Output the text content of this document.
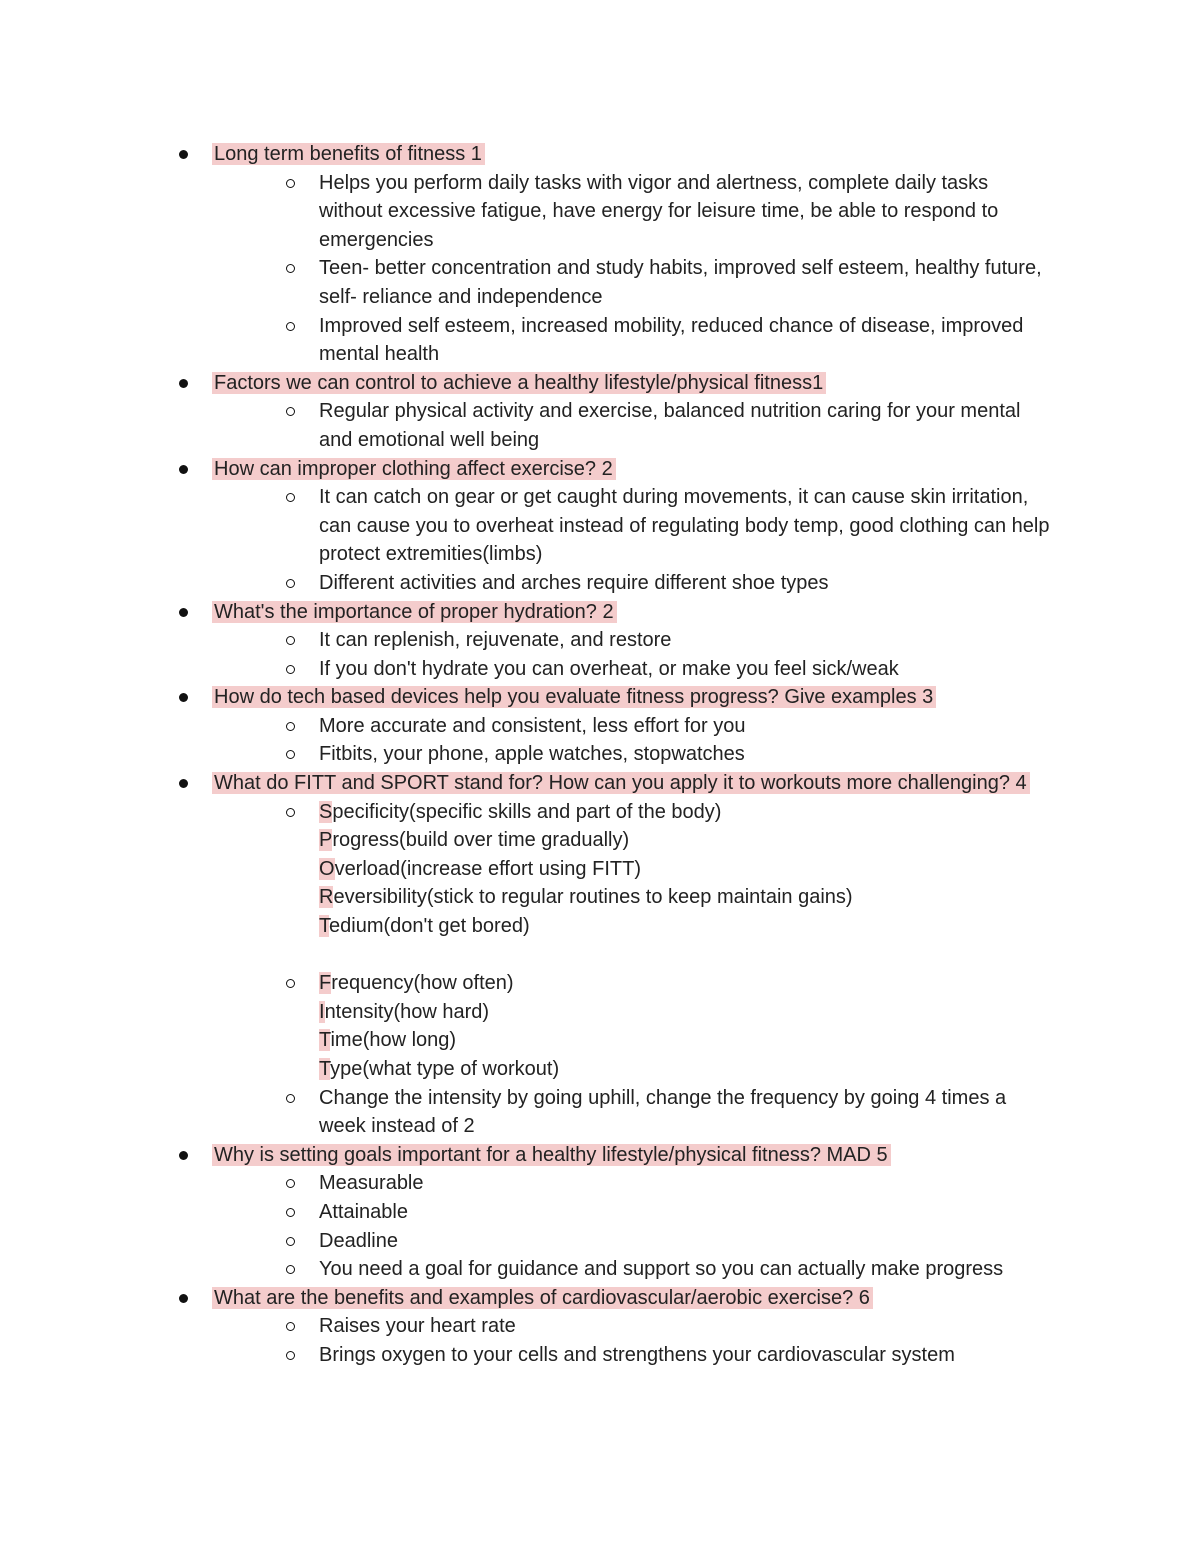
Long term benefits of fitness 1
Helps you perform daily tasks with vigor and alertness, complete daily tasks without excessive fatigue, have energy for leisure time, be able to respond to emergencies
Teen- better concentration and study habits, improved self esteem, healthy future, self- reliance and independence
Improved self esteem, increased mobility, reduced chance of disease, improved mental health
Factors we can control to achieve a healthy lifestyle/physical fitness1
Regular physical activity and exercise, balanced nutrition caring for your mental and emotional well being
How can improper clothing affect exercise? 2
It can catch on gear or get caught during movements, it can cause skin irritation, can cause you to overheat instead of regulating body temp, good clothing can help protect extremities(limbs)
Different activities and arches require different shoe types
What's the importance of proper hydration? 2
It can replenish, rejuvenate, and restore
If you don't hydrate you can overheat, or make you feel sick/weak
How do tech based devices help you evaluate fitness progress? Give examples 3
More accurate and consistent, less effort for you
Fitbits, your phone, apple watches, stopwatches
What do FITT and SPORT stand for? How can you apply it to workouts more challenging? 4
Specificity(specific skills and part of the body)
Progress(build over time gradually)
Overload(increase effort using FITT)
Reversibility(stick to regular routines to keep maintain gains)
Tedium(don't get bored)
Frequency(how often)
Intensity(how hard)
Time(how long)
Type(what type of workout)
Change the intensity by going uphill, change the frequency by going 4 times a week instead of 2
Why is setting goals important for a healthy lifestyle/physical fitness? MAD 5
Measurable
Attainable
Deadline
You need a goal for guidance and support so you can actually make progress
What are the benefits and examples of cardiovascular/aerobic exercise? 6
Raises your heart rate
Brings oxygen to your cells and strengthens your cardiovascular system
